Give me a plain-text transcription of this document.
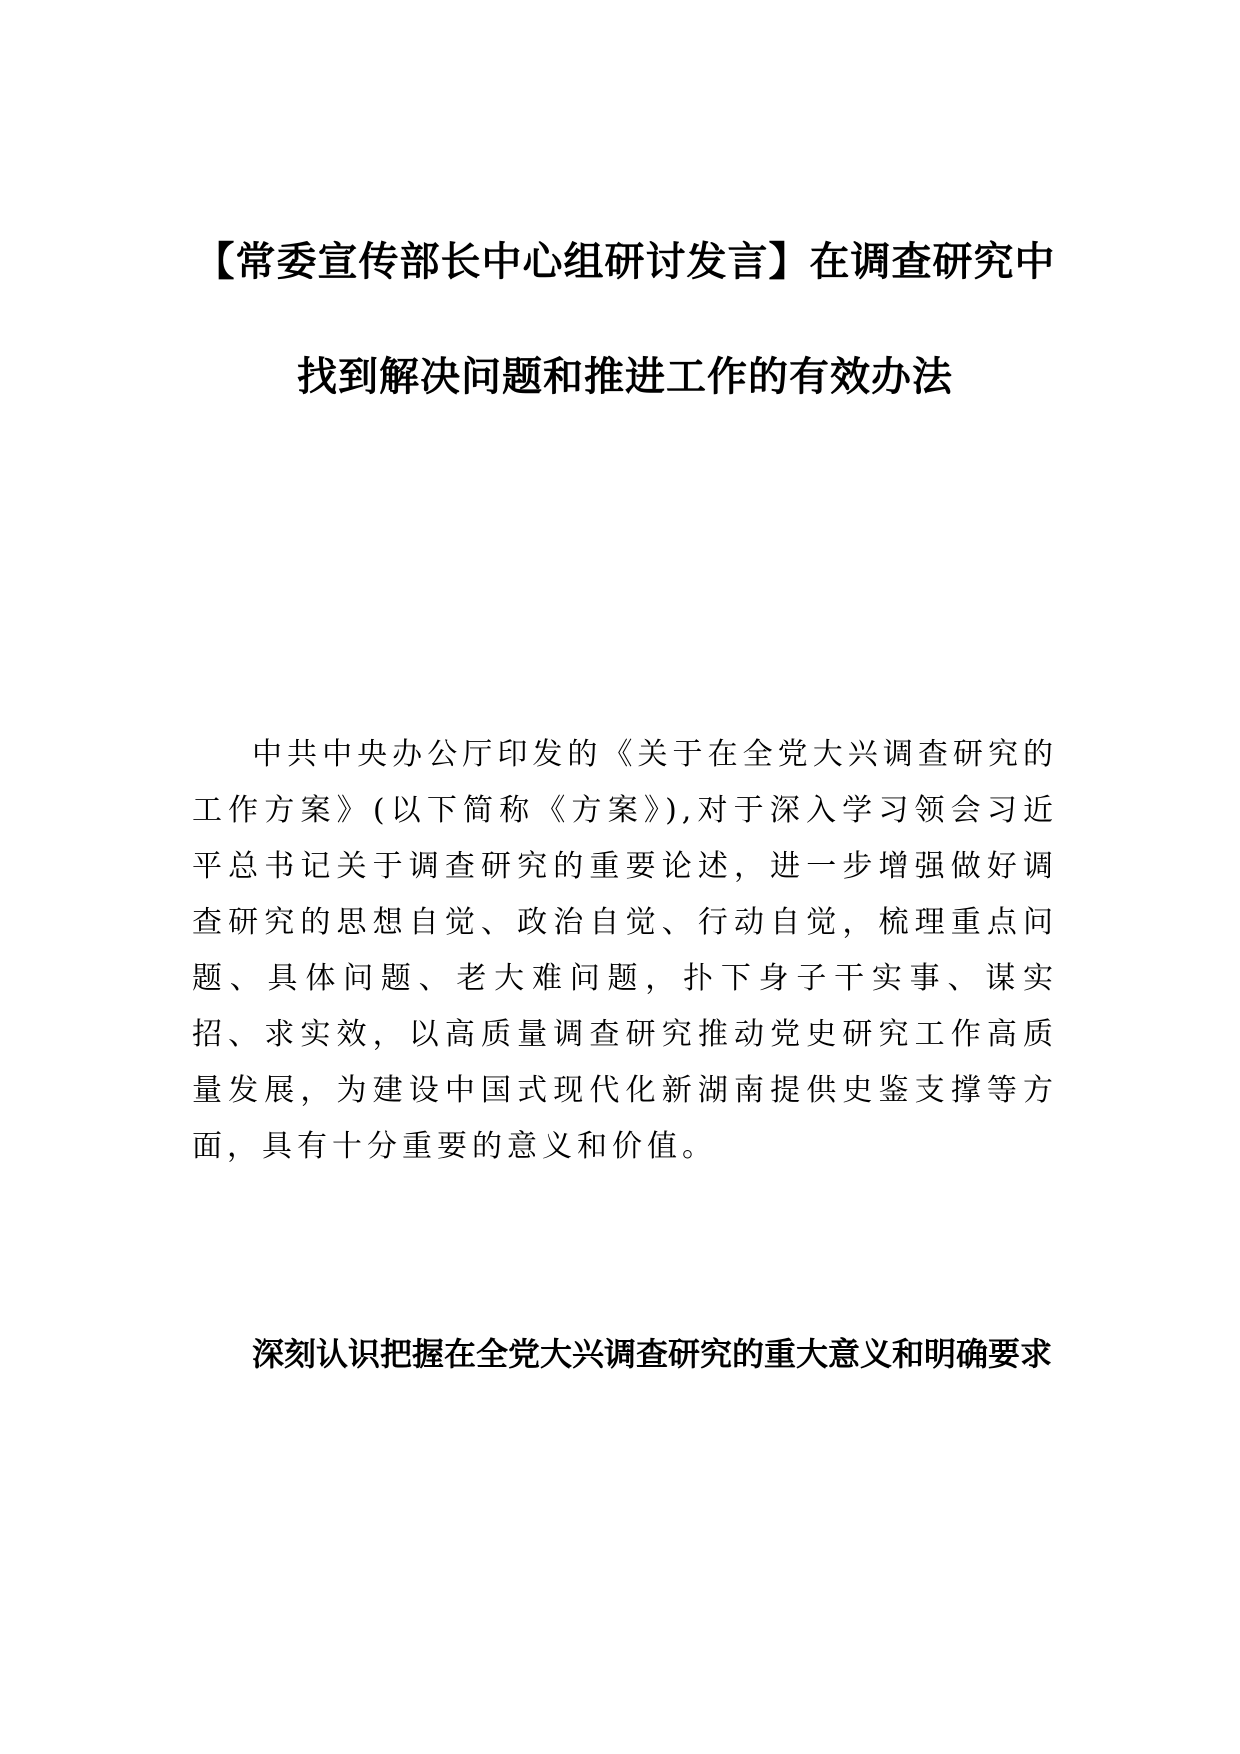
【常委宣传部长中心组研讨发言】在调查研究中找到解决问题和推进工作的有效办法

中共中央办公厅印发的《关于在全党大兴调查研究的工作方案》(以下简称《方案》),对于深入学习领会习近平总书记关于调查研究的重要论述，进一步增强做好调查研究的思想自觉、政治自觉、行动自觉，梳理重点问题、具体问题、老大难问题，扑下身子干实事、谋实招、求实效，以高质量调查研究推动党史研究工作高质量发展，为建设中国式现代化新湖南提供史鉴支撑等方面，具有十分重要的意义和价值。

深刻认识把握在全党大兴调查研究的重大意义和明确要求
